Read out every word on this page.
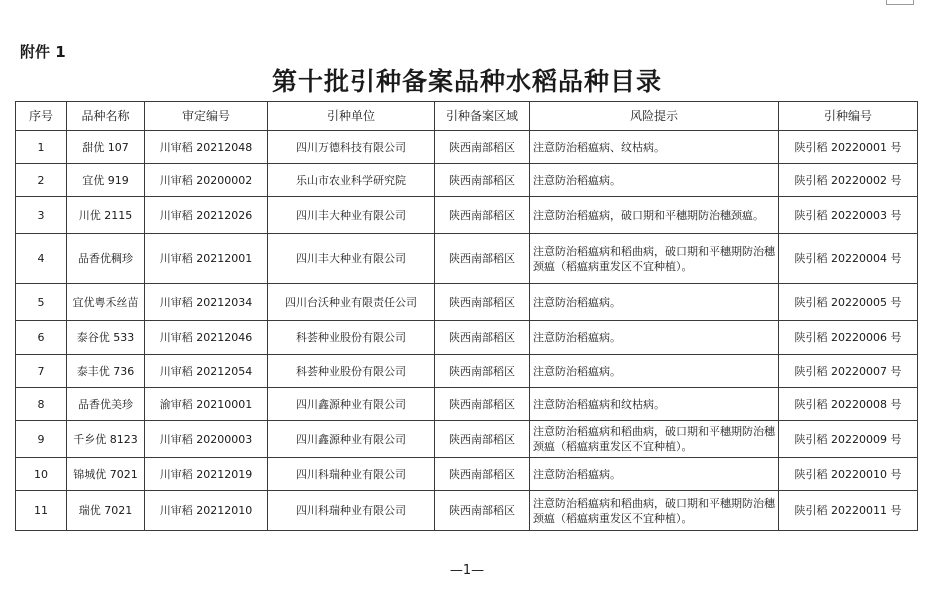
附件 1
第十批引种备案品种水稻品种目录
序号	品种名称	审定编号	引种单位	引种备案区域	风险提示	引种编号
1	甜优 107	川审稻 20212048	四川万德科技有限公司	陕西南部稻区	注意防治稻瘟病、纹枯病。	陕引稻 20220001 号
2	宜优 919	川审稻 20200002	乐山市农业科学研究院	陕西南部稻区	注意防治稻瘟病。	陕引稻 20220002 号
3	川优 2115	川审稻 20212026	四川丰大种业有限公司	陕西南部稻区	注意防治稻瘟病，破口期和平穗期防治穗颈瘟。	陕引稻 20220003 号
4	品香优稠珍	川审稻 20212001	四川丰大种业有限公司	陕西南部稻区	注意防治稻瘟病和稻曲病，破口期和平穗期防治穗颈瘟（稻瘟病重发区不宜种植）。	陕引稻 20220004 号
5	宜优粤禾丝苗	川审稻 20212034	四川台沃种业有限责任公司	陕西南部稻区	注意防治稻瘟病。	陕引稻 20220005 号
6	泰谷优 533	川审稻 20212046	科荟种业股份有限公司	陕西南部稻区	注意防治稻瘟病。	陕引稻 20220006 号
7	泰丰优 736	川审稻 20212054	科荟种业股份有限公司	陕西南部稻区	注意防治稻瘟病。	陕引稻 20220007 号
8	品香优美珍	渝审稻 20210001	四川鑫源种业有限公司	陕西南部稻区	注意防治稻瘟病和纹枯病。	陕引稻 20220008 号
9	千乡优 8123	川审稻 20200003	四川鑫源种业有限公司	陕西南部稻区	注意防治稻瘟病和稻曲病，破口期和平穗期防治穗颈瘟（稻瘟病重发区不宜种植）。	陕引稻 20220009 号
10	锦城优 7021	川审稻 20212019	四川科瑞种业有限公司	陕西南部稻区	注意防治稻瘟病。	陕引稻 20220010 号
11	瑞优 7021	川审稻 20212010	四川科瑞种业有限公司	陕西南部稻区	注意防治稻瘟病和稻曲病，破口期和平穗期防治穗颈瘟（稻瘟病重发区不宜种植）。	陕引稻 20220011 号
—1—
